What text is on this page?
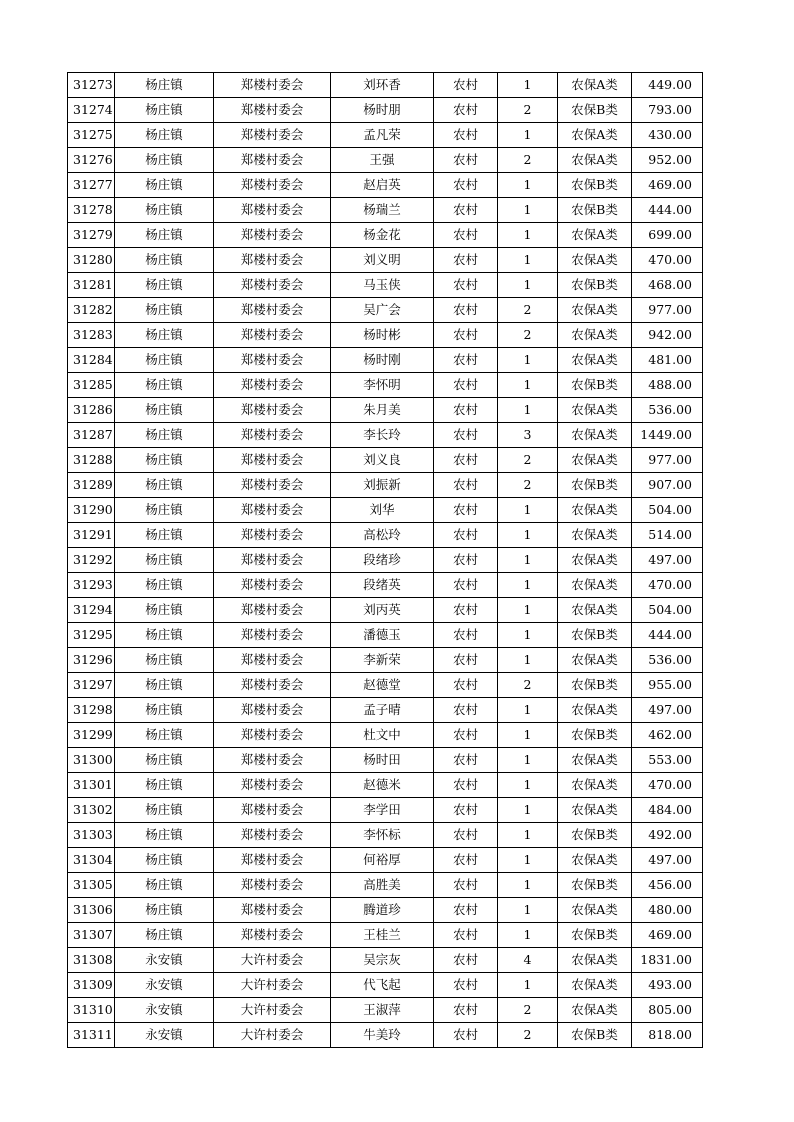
31273	杨庄镇	郑楼村委会	刘环香	农村	1	农保A类	449.00
31274	杨庄镇	郑楼村委会	杨时朋	农村	2	农保B类	793.00
31275	杨庄镇	郑楼村委会	孟凡荣	农村	1	农保A类	430.00
31276	杨庄镇	郑楼村委会	王强	农村	2	农保A类	952.00
31277	杨庄镇	郑楼村委会	赵启英	农村	1	农保B类	469.00
31278	杨庄镇	郑楼村委会	杨瑞兰	农村	1	农保B类	444.00
31279	杨庄镇	郑楼村委会	杨金花	农村	1	农保A类	699.00
31280	杨庄镇	郑楼村委会	刘义明	农村	1	农保A类	470.00
31281	杨庄镇	郑楼村委会	马玉侠	农村	1	农保B类	468.00
31282	杨庄镇	郑楼村委会	吴广会	农村	2	农保A类	977.00
31283	杨庄镇	郑楼村委会	杨时彬	农村	2	农保A类	942.00
31284	杨庄镇	郑楼村委会	杨时刚	农村	1	农保A类	481.00
31285	杨庄镇	郑楼村委会	李怀明	农村	1	农保B类	488.00
31286	杨庄镇	郑楼村委会	朱月美	农村	1	农保A类	536.00
31287	杨庄镇	郑楼村委会	李长玲	农村	3	农保A类	1449.00
31288	杨庄镇	郑楼村委会	刘义良	农村	2	农保A类	977.00
31289	杨庄镇	郑楼村委会	刘振新	农村	2	农保B类	907.00
31290	杨庄镇	郑楼村委会	刘华	农村	1	农保A类	504.00
31291	杨庄镇	郑楼村委会	高松玲	农村	1	农保A类	514.00
31292	杨庄镇	郑楼村委会	段绪珍	农村	1	农保A类	497.00
31293	杨庄镇	郑楼村委会	段绪英	农村	1	农保A类	470.00
31294	杨庄镇	郑楼村委会	刘丙英	农村	1	农保A类	504.00
31295	杨庄镇	郑楼村委会	潘德玉	农村	1	农保B类	444.00
31296	杨庄镇	郑楼村委会	李新荣	农村	1	农保A类	536.00
31297	杨庄镇	郑楼村委会	赵德堂	农村	2	农保B类	955.00
31298	杨庄镇	郑楼村委会	孟子晴	农村	1	农保A类	497.00
31299	杨庄镇	郑楼村委会	杜文中	农村	1	农保B类	462.00
31300	杨庄镇	郑楼村委会	杨时田	农村	1	农保A类	553.00
31301	杨庄镇	郑楼村委会	赵德米	农村	1	农保A类	470.00
31302	杨庄镇	郑楼村委会	李学田	农村	1	农保A类	484.00
31303	杨庄镇	郑楼村委会	李怀标	农村	1	农保B类	492.00
31304	杨庄镇	郑楼村委会	何裕厚	农村	1	农保A类	497.00
31305	杨庄镇	郑楼村委会	高胜美	农村	1	农保B类	456.00
31306	杨庄镇	郑楼村委会	腾道珍	农村	1	农保A类	480.00
31307	杨庄镇	郑楼村委会	王桂兰	农村	1	农保B类	469.00
31308	永安镇	大许村委会	吴宗灰	农村	4	农保A类	1831.00
31309	永安镇	大许村委会	代飞起	农村	1	农保A类	493.00
31310	永安镇	大许村委会	王淑萍	农村	2	农保A类	805.00
31311	永安镇	大许村委会	牛美玲	农村	2	农保B类	818.00
